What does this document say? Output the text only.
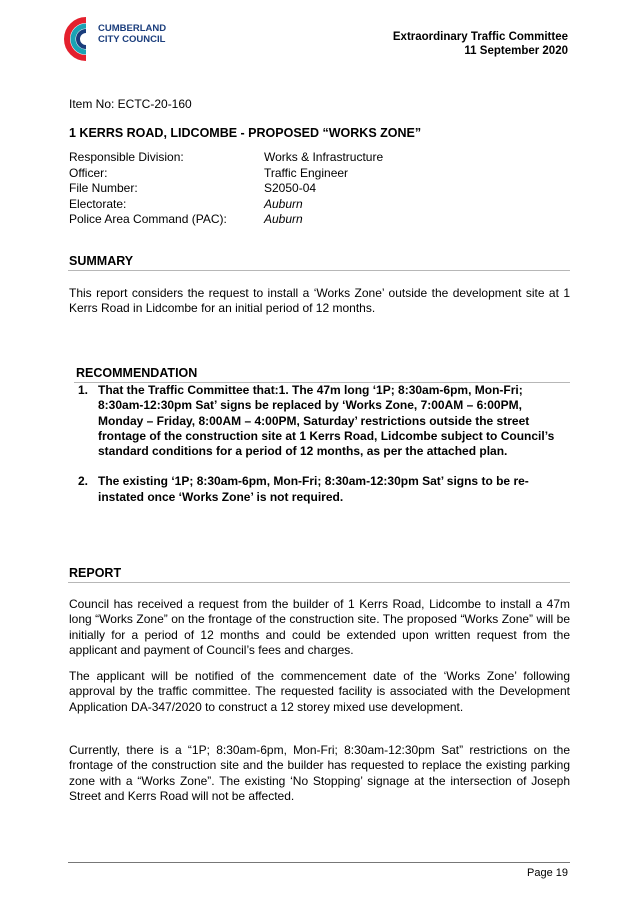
CUMBERLAND
CITY COUNCIL	Extraordinary Traffic Committee
11 September 2020
Item No: ECTC-20-160
1 KERRS ROAD, LIDCOMBE - PROPOSED “WORKS ZONE”
Responsible Division:	Works & Infrastructure
Officer:	Traffic Engineer
File Number:	S2050-04
Electorate:	Auburn
Police Area Command (PAC):	Auburn
SUMMARY
This report considers the request to install a ‘Works Zone’ outside the development site at 1 Kerrs Road in Lidcombe for an initial period of 12 months.
RECOMMENDATION
1. That the Traffic Committee that:1. The 47m long ‘1P; 8:30am-6pm, Mon-Fri; 8:30am-12:30pm Sat’ signs be replaced by ‘Works Zone, 7:00AM – 6:00PM, Monday – Friday, 8:00AM – 4:00PM, Saturday’ restrictions outside the street frontage of the construction site at 1 Kerrs Road, Lidcombe subject to Council’s standard conditions for a period of 12 months, as per the attached plan.
2. The existing ‘1P; 8:30am-6pm, Mon-Fri; 8:30am-12:30pm Sat’ signs to be re-instated once ‘Works Zone’ is not required.
REPORT
Council has received a request from the builder of 1 Kerrs Road, Lidcombe to install a 47m long “Works Zone” on the frontage of the construction site. The proposed “Works Zone” will be initially for a period of 12 months and could be extended upon written request from the applicant and payment of Council’s fees and charges.
The applicant will be notified of the commencement date of the ‘Works Zone’ following approval by the traffic committee. The requested facility is associated with the Development Application DA-347/2020 to construct a 12 storey mixed use development.
Currently, there is a “1P; 8:30am-6pm, Mon-Fri; 8:30am-12:30pm Sat” restrictions on the frontage of the construction site and the builder has requested to replace the existing parking zone with a “Works Zone”. The existing ‘No Stopping’ signage at the intersection of Joseph Street and Kerrs Road will not be affected.
Page 19
